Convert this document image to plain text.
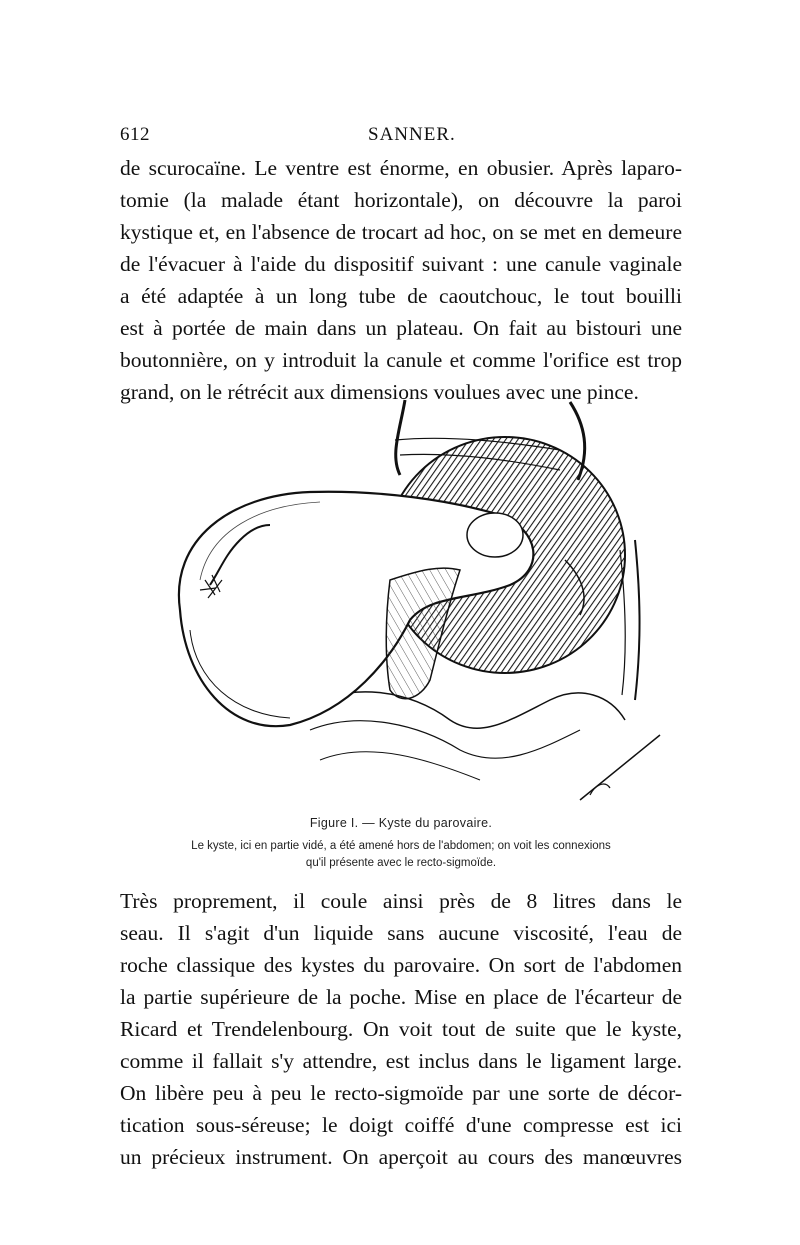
612	SANNER.
de scurocaïne. Le ventre est énorme, en obusier. Après laparo-
tomie (la malade étant horizontale), on découvre la paroi
kystique et, en l'absence de trocart ad hoc, on se met en demeure
de l'évacuer à l'aide du dispositif suivant : une canule vaginale
a été adaptée à un long tube de caoutchouc, le tout bouilli
est à portée de main dans un plateau. On fait au bistouri une
boutonnière, on y introduit la canule et comme l'orifice est trop
grand, on le rétrécit aux dimensions voulues avec une pince.
Figure I. — Kyste du parovaire.
Le kyste, ici en partie vidé, a été amené hors de l'abdomen; on voit les connexions
qu'il présente avec le recto-sigmoïde.
Très proprement, il coule ainsi près de 8 litres dans le
seau. Il s'agit d'un liquide sans aucune viscosité, l'eau de
roche classique des kystes du parovaire. On sort de l'abdomen
la partie supérieure de la poche. Mise en place de l'écarteur de
Ricard et Trendelenbourg. On voit tout de suite que le kyste,
comme il fallait s'y attendre, est inclus dans le ligament large.
On libère peu à peu le recto-sigmoïde par une sorte de décor-
tication sous-séreuse; le doigt coiffé d'une compresse est ici
un précieux instrument. On aperçoit au cours des manœuvres
